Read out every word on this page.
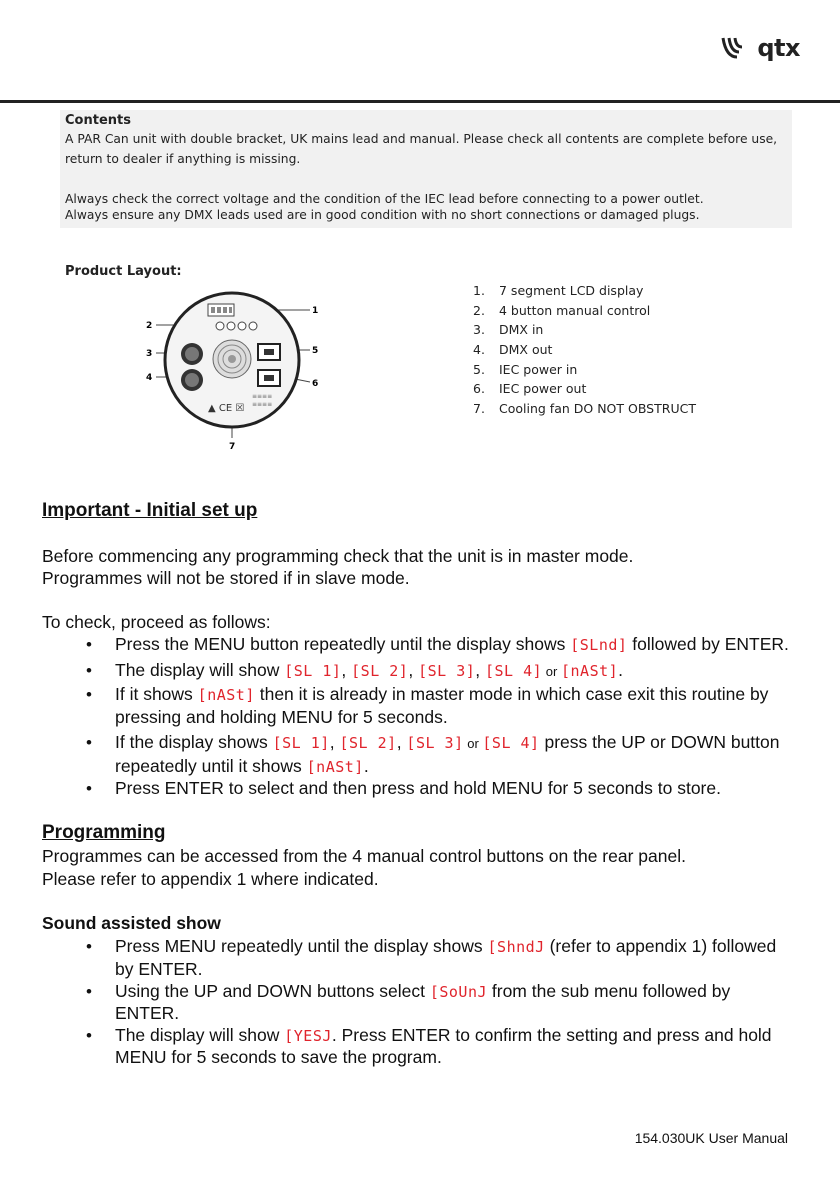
qtx
Contents
A PAR Can unit with double bracket, UK mains lead and manual. Please check all contents are complete before use,
return to dealer if anything is missing.
Always check the correct voltage and the condition of the IEC lead before connecting to a power outlet.
Always ensure any DMX leads used are in good condition with no short connections or damaged plugs.
Product Layout:
▲ CE ☒
≡≡≡≡
≡≡≡≡
1
2
3
4
5
6
7
1. 7 segment LCD display
2. 4 button manual control
3. DMX in
4. DMX out
5. IEC power in
6. IEC power out
7. Cooling fan DO NOT OBSTRUCT
Important - Initial set up
Before commencing any programming check that the unit is in master mode.
Programmes will not be stored if in slave mode.
To check, proceed as follows:
• Press the MENU button repeatedly until the display shows [SLnd] followed by ENTER.
• The display will show [SL 1], [SL 2], [SL 3], [SL 4] or [nASt].
• If it shows [nASt] then it is already in master mode in which case exit this routine by
pressing and holding MENU for 5 seconds.
• If the display shows [SL 1], [SL 2], [SL 3] or [SL 4] press the UP or DOWN button
repeatedly until it shows [nASt].
• Press ENTER to select and then press and hold MENU for 5 seconds to store.
Programming
Programmes can be accessed from the 4 manual control buttons on the rear panel.
Please refer to appendix 1 where indicated.
Sound assisted show
• Press MENU repeatedly until the display shows [ShndJ (refer to appendix 1) followed
by ENTER.
• Using the UP and DOWN buttons select [SoUnJ from the sub menu followed by
ENTER.
• The display will show [YESJ. Press ENTER to confirm the setting and press and hold
MENU for 5 seconds to save the program.
154.030UK User Manual
